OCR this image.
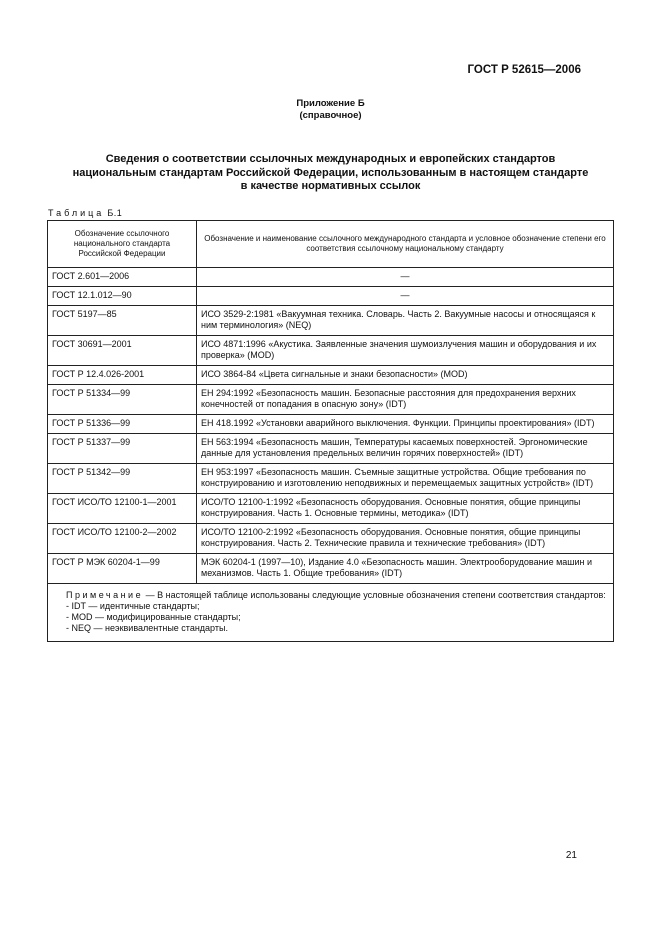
ГОСТ Р 52615—2006
Приложение Б
(справочное)
Сведения о соответствии ссылочных международных и европейских стандартов
национальным стандартам Российской Федерации, использованным в настоящем стандарте
в качестве нормативных ссылок
Таблица Б.1
Обозначение ссылочного национального стандарта Российской Федерации	Обозначение и наименование ссылочного международного стандарта и условное обозначение степени его соответствия ссылочному национальному стандарту
ГОСТ 2.601—2006	—
ГОСТ 12.1.012—90	—
ГОСТ 5197—85	ИСО 3529-2:1981 «Вакуумная техника. Словарь. Часть 2. Вакуумные насосы и относящаяся к ним терминология» (NEQ)
ГОСТ 30691—2001	ИСО 4871:1996 «Акустика. Заявленные значения шумоизлучения машин и оборудования и их проверка» (MOD)
ГОСТ Р 12.4.026-2001	ИСО 3864-84 «Цвета сигнальные и знаки безопасности» (MOD)
ГОСТ Р 51334—99	ЕН 294:1992 «Безопасность машин. Безопасные расстояния для предохранения верхних конечностей от попадания в опасную зону» (IDT)
ГОСТ Р 51336—99	ЕН 418.1992 «Установки аварийного выключения. Функции. Принципы проектирования» (IDT)
ГОСТ Р 51337—99	ЕН 563:1994 «Безопасность машин, Температуры касаемых поверхностей. Эргономические данные для установления предельных величин горячих поверхностей» (IDT)
ГОСТ Р 51342—99	ЕН 953:1997 «Безопасность машин. Съемные защитные устройства. Общие требования по конструированию и изготовлению неподвижных и перемещаемых защитных устройств» (IDT)
ГОСТ ИСО/ТО 12100-1—2001	ИСО/ТО 12100-1:1992 «Безопасность оборудования. Основные понятия, общие принципы конструирования. Часть 1. Основные термины, методика» (IDT)
ГОСТ ИСО/ТО 12100-2—2002	ИСО/ТО 12100-2:1992 «Безопасность оборудования. Основные понятия, общие принципы конструирования. Часть 2. Технические правила и технические требования» (IDT)
ГОСТ Р МЭК 60204-1—99	МЭК 60204-1 (1997—10), Издание 4.0 «Безопасность машин. Электрооборудование машин и механизмов. Часть 1. Общие требования» (IDT)
Примечание — В настоящей таблице использованы следующие условные обозначения степени соответствия стандартов:
- IDT — идентичные стандарты;
- MOD — модифицированные стандарты;
- NEQ — неэквивалентные стандарты.	
21
